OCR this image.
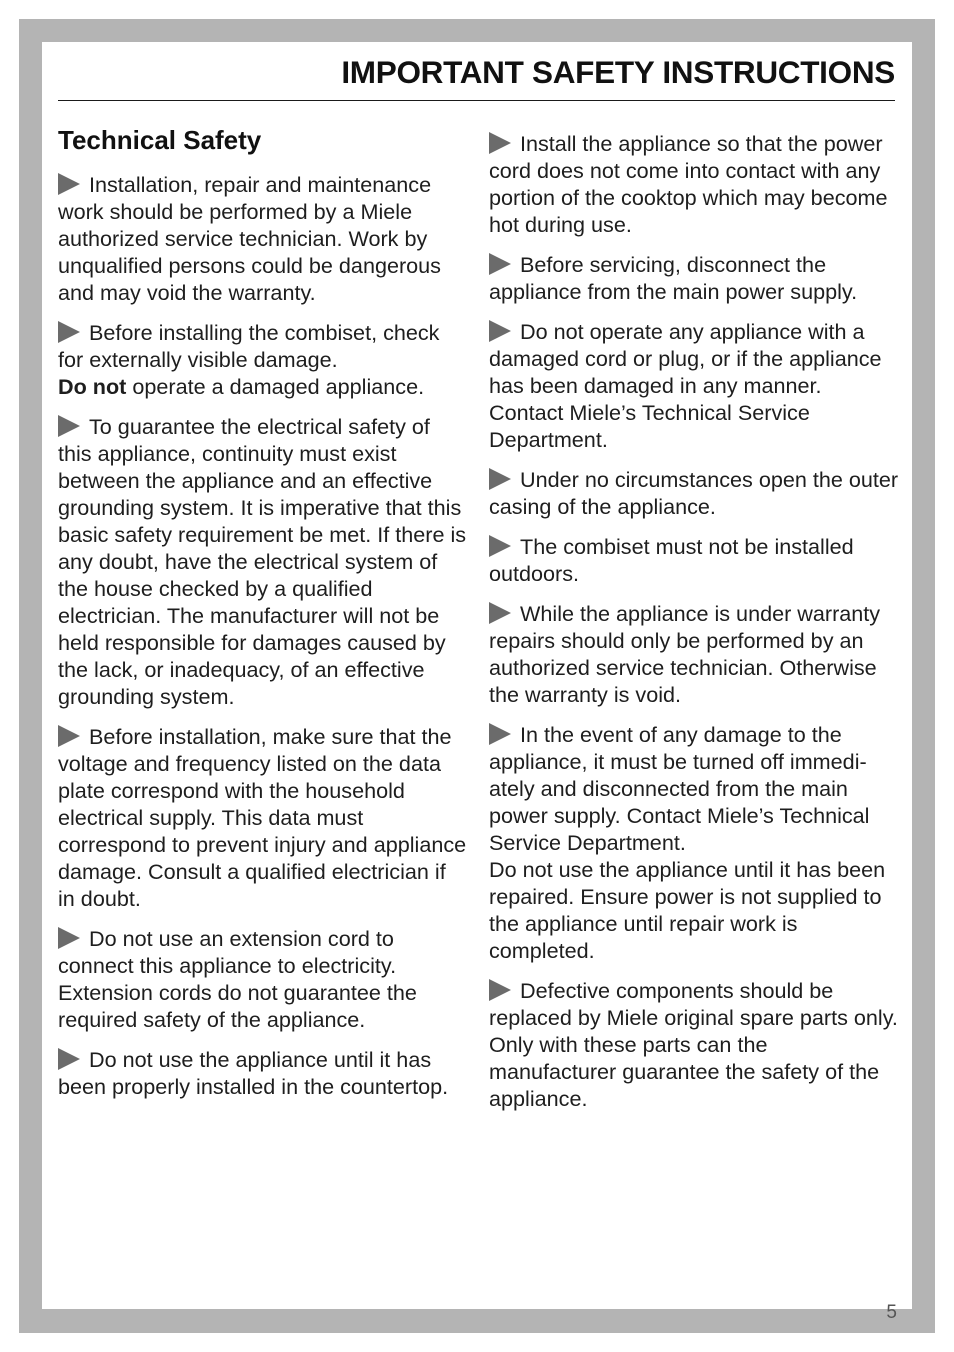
IMPORTANT SAFETY INSTRUCTIONS
Technical Safety

Installation, repair and maintenance work should be performed by a Miele authorized service technician. Work by unqualified persons could be dangerous and may void the warranty.

Before installing the combiset, check for externally visible damage.
Do not operate a damaged appliance.

To guarantee the electrical safety of this appliance, continuity must exist between the appliance and an effective grounding system. It is imperative that this basic safety requirement be met. If there is any doubt, have the electrical system of the house checked by a qualified electrician. The manufacturer will not be held responsible for damages caused by the lack, or inadequacy, of an effective grounding system.

Before installation, make sure that the voltage and frequency listed on the data plate correspond with the household electrical supply. This data must correspond to prevent injury and appliance damage. Consult a qualified electrician if in doubt.

Do not use an extension cord to connect this appliance to electricity. Extension cords do not guarantee the required safety of the appliance.

Do not use the appliance until it has been properly installed in the countertop.

Install the appliance so that the power cord does not come into contact with any portion of the cooktop which may become hot during use.

Before servicing, disconnect the appliance from the main power supply.

Do not operate any appliance with a damaged cord or plug, or if the appliance has been damaged in any manner. Contact Miele’s Technical Service Department.

Under no circumstances open the outer casing of the appliance.

The combiset must not be installed outdoors.

While the appliance is under warranty repairs should only be performed by an authorized service technician. Otherwise the warranty is void.

In the event of any damage to the appliance, it must be turned off immediately and disconnected from the main power supply. Contact Miele’s Technical Service Department.
Do not use the appliance until it has been repaired. Ensure power is not supplied to the appliance until repair work is completed.

Defective components should be replaced by Miele original spare parts only. Only with these parts can the manufacturer guarantee the safety of the appliance.

5
